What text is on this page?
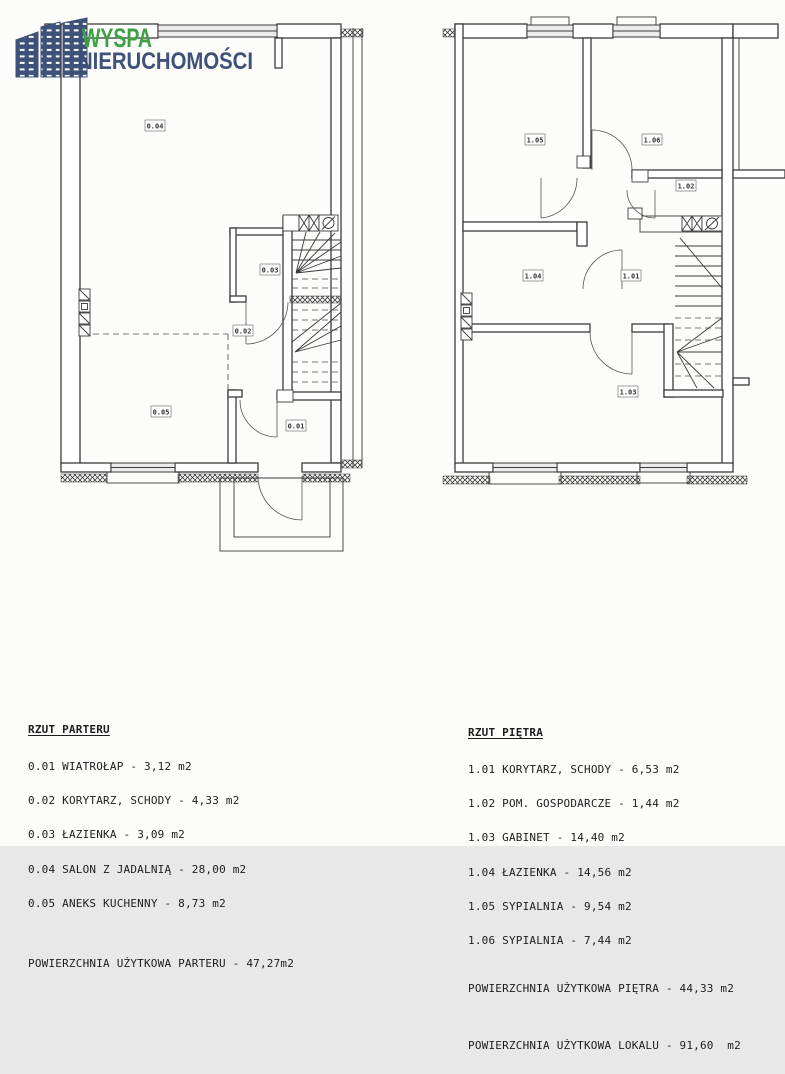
0.04
0.03
0.02
0.05
0.01
1.05	1.06
1.02
1.04	1.01
1.03
WYSPA
NIERUCHOMOŚCI

RZUT PARTERU

0.01 WIATROŁAP - 3,12 m2

0.02 KORYTARZ, SCHODY - 4,33 m2

0.03 ŁAZIENKA - 3,09 m2

0.04 SALON Z JADALNIĄ - 28,00 m2

0.05 ANEKS KUCHENNY - 8,73 m2

POWIERZCHNIA UŻYTKOWA PARTERU - 47,27m2

RZUT PIĘTRA

1.01 KORYTARZ, SCHODY - 6,53 m2

1.02 POM. GOSPODARCZE - 1,44 m2

1.03 GABINET - 14,40 m2

1.04 ŁAZIENKA - 14,56 m2

1.05 SYPIALNIA - 9,54 m2

1.06 SYPIALNIA - 7,44 m2

POWIERZCHNIA UŻYTKOWA PIĘTRA - 44,33 m2

POWIERZCHNIA UŻYTKOWA LOKALU - 91,60  m2
